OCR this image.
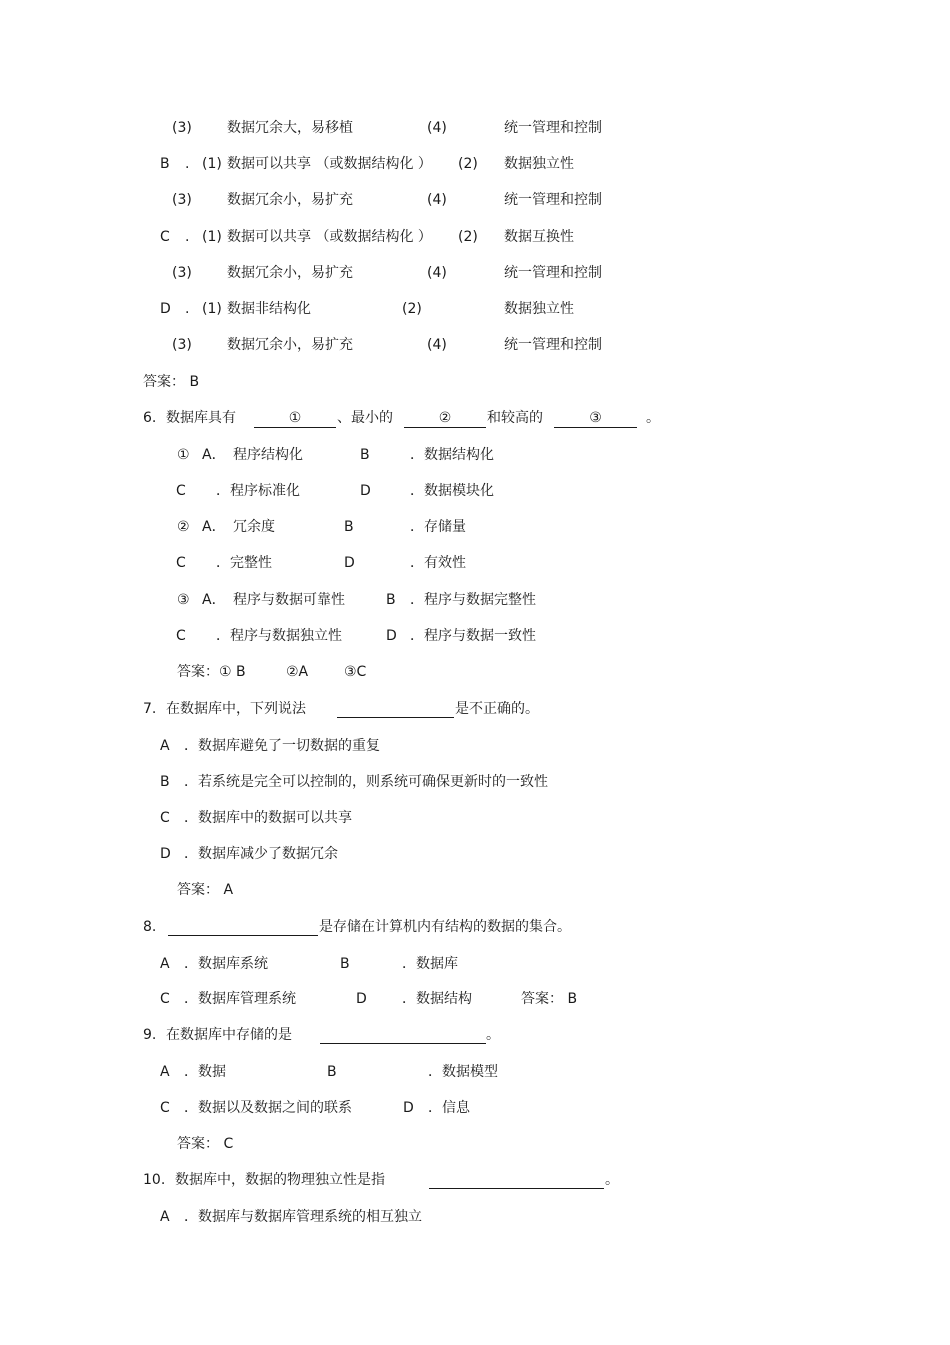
(3)	数据冗余大，易移植	(4)	统一管理和控制
B . (1) 数据可以共享 （或数据结构化 ） (2) 数据独立性
(3)	数据冗余小，易扩充	(4)	统一管理和控制
C . (1) 数据可以共享 （或数据结构化 ） (2) 数据互换性
(3)	数据冗余小，易扩充	(4)	统一管理和控制
D . (1) 数据非结构化	(2)	数据独立性
(3)	数据冗余小，易扩充	(4)	统一管理和控制
答案： B
6. 数据库具有	①	、最小的	②	和较高的	③	。
① A． 程序结构化	B	．数据结构化
C ．程序标准化	D	．数据模块化
② A． 冗余度	B	．存储量
C ．完整性	D	．有效性
③ A． 程序与数据可靠性	B ．程序与数据完整性
C ．程序与数据独立性	D ．程序与数据一致性
答案：① B	②A	③C
7. 在数据库中，下列说法	是不正确的。
A ．数据库避免了一切数据的重复
B ．若系统是完全可以控制的，则系统可确保更新时的一致性
C ．数据库中的数据可以共享
D ．数据库减少了数据冗余
答案： A
8.	是存储在计算机内有结构的数据的集合。
A ．数据库系统	B	．数据库
C ．数据库管理系统	D	．数据结构	答案： B
9. 在数据库中存储的是	。
A ．数据	B	．数据模型
C ．数据以及数据之间的联系	D ．信息
答案： C
10. 数据库中，数据的物理独立性是指	。
A ．数据库与数据库管理系统的相互独立
